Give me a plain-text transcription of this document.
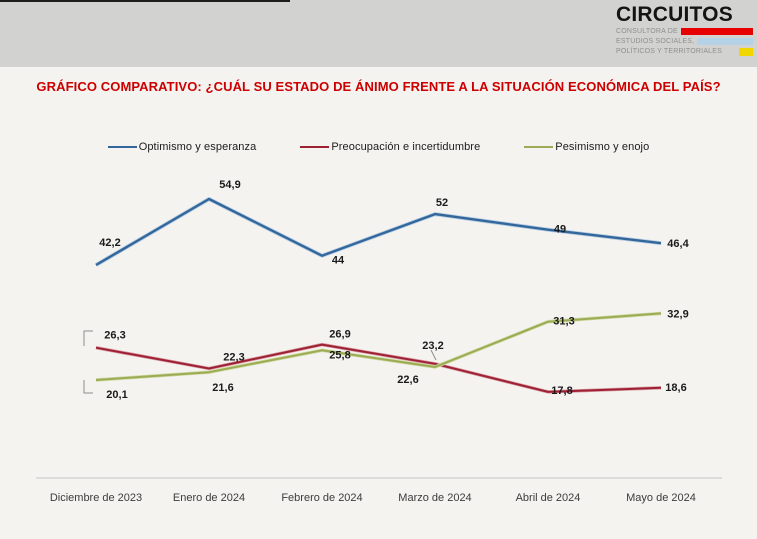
CIRCUITOS
CONSULTORA DE
ESTUDIOS SOCIALES,
POLÍTICOS Y TERRITORIALES
GRÁFICO COMPARATIVO: ¿CUÁL SU ESTADO DE ÁNIMO FRENTE A LA SITUACIÓN ECONÓMICA DEL PAÍS?
Optimismo y esperanza	Preocupación e incertidumbre	Pesimismo y enojo
Diciembre de 2023	Enero de 2024	Febrero de 2024	Marzo de 2024	Abril de 2024	Mayo de 2024
42,2
54,9
44
52
49
46,4
26,3
22,3
26,9
23,2
17,8	18,6
20,1
21,6
25,8
22,6
31,3
32,9
